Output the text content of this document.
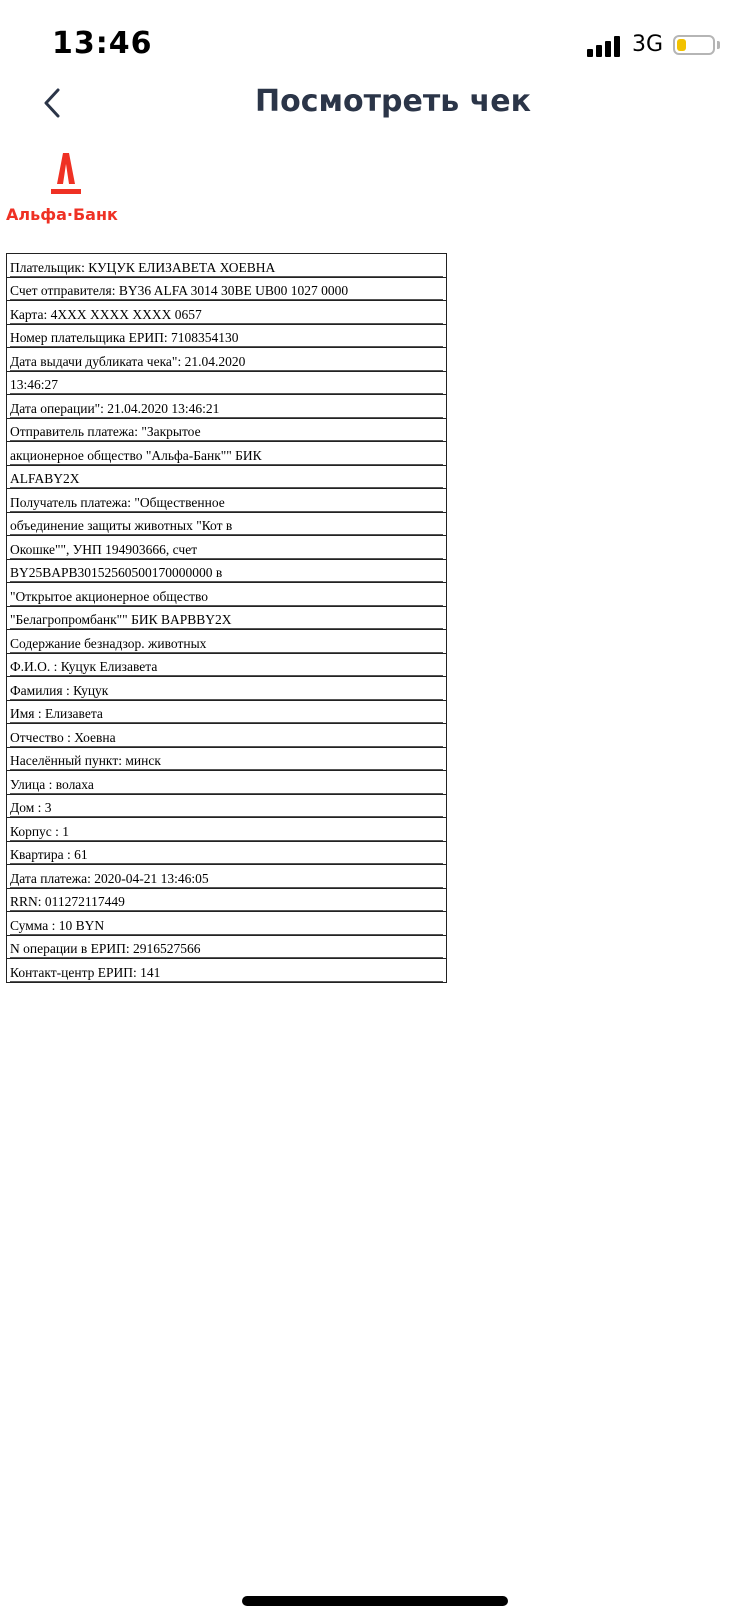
13:46	3G
Посмотреть чек
Альфа·Банк
Плательщик: КУЦУК ЕЛИЗАВЕТА ХОЕВНА

Счет отправителя: BY36 ALFA 3014 30BE UB00 1027 0000

Карта: 4XXX XXXX XXXX 0657

Номер плательщика ЕРИП: 7108354130

Дата выдачи дубликата чека": 21.04.2020

13:46:27

Дата операции": 21.04.2020 13:46:21

Отправитель платежа: "Закрытое

акционерное общество "Альфа-Банк"" БИК

ALFABY2X

Получатель платежа: "Общественное

объединение защиты животных "Кот в

Окошке"", УНП 194903666, счет

BY25BAPB30152560500170000000 в

"Открытое акционерное общество

"Белагропромбанк"" БИК BAPBBY2X

Содержание безнадзор. животных

Ф.И.О. : Куцук Елизавета

Фамилия : Куцук

Имя : Елизавета

Отчество : Хоевна

Населённый пункт: минск

Улица : волаха

Дом : 3

Корпус : 1

Квартира : 61

Дата платежа: 2020-04-21 13:46:05

RRN: 011272117449

Сумма : 10 BYN

N операции в ЕРИП: 2916527566

Контакт-центр ЕРИП: 141
